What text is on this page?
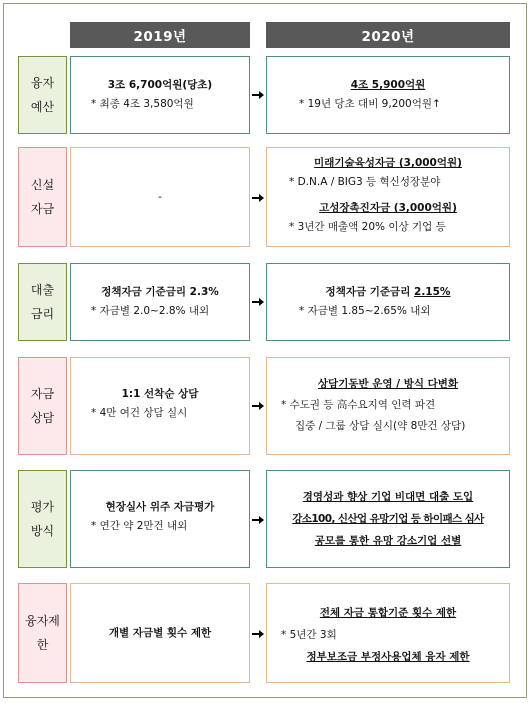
2019년	2020년
융자
예산
3조 6,700억원(당초)
* 최종 4조 3,580억원
4조 5,900억원
* 19년 당초 대비 9,200억원↑
신설
자금
-
미래기술육성자금 (3,000억원)
* D.N.A / BIG3 등 혁신성장분야
고성장촉진자금 (3,000억원)
* 3년간 매출액 20% 이상 기업 등
대출
금리
정책자금 기준금리 2.3%
* 자금별 2.0~2.8% 내외
정책자금 기준금리 2.15%
* 자금별 1.85~2.65% 내외
자금
상담
1:1 선착순 상담
* 4만 여건 상담 실시
상담기동반 운영 / 방식 다변화
* 수도권 등 高수요지역 인력 파견
집중 / 그룹 상담 실시(약 8만건 상담)
평가
방식
현장실사 위주 자금평가
* 연간 약 2만건 내외
경영성과 향상 기업 비대면 대출 도입
강소100, 신산업 유망기업 등 하이패스 심사
공모를 통한 유망 강소기업 선별
융자제
한
개별 자금별 횟수 제한
전체 자금 통합기준 횟수 제한
* 5년간 3회
정부보조금 부정사용업체 융자 제한
